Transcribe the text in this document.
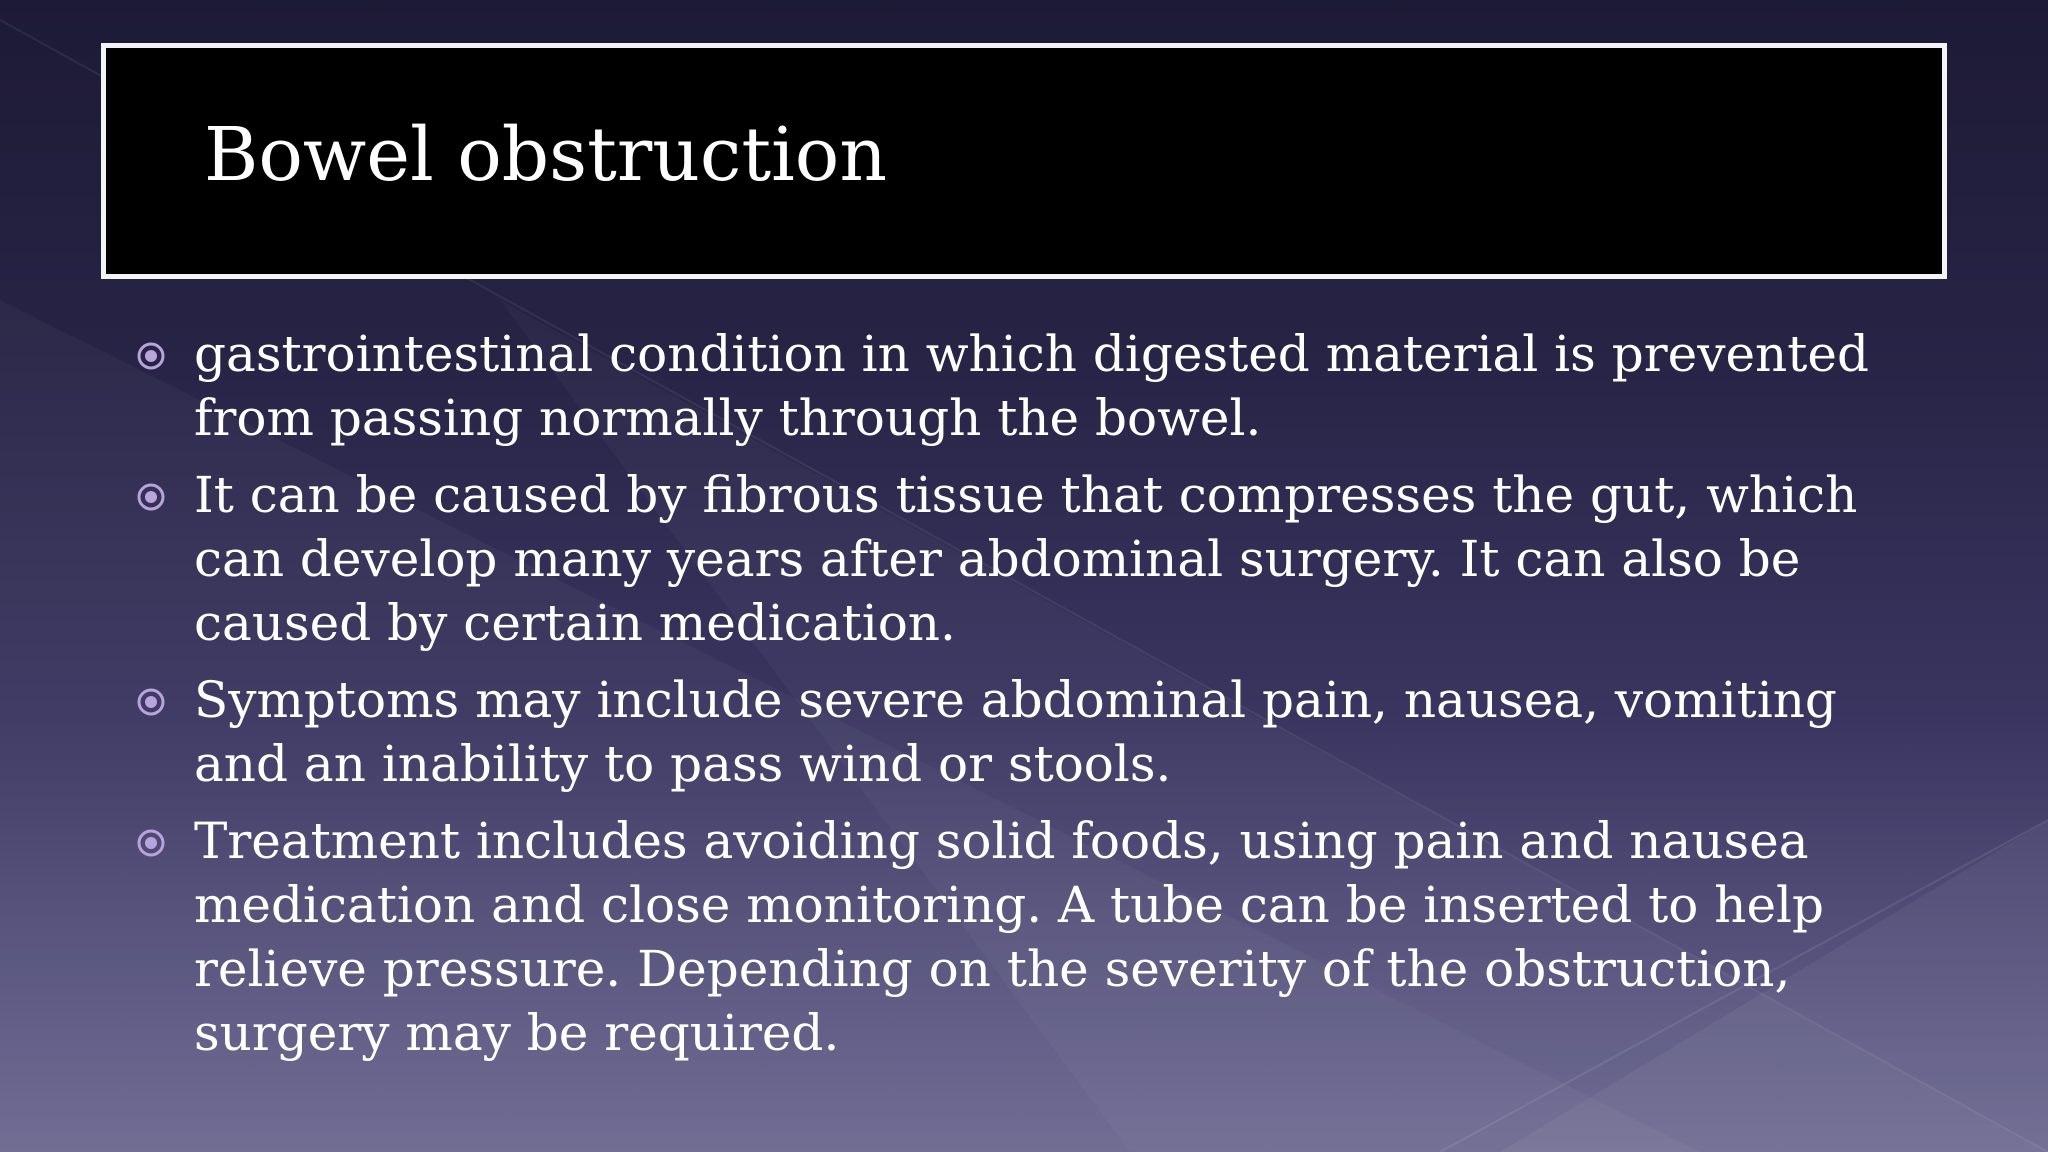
Bowel obstruction
gastrointestinal condition in which digested material is prevented from passing normally through the bowel.
It can be caused by fibrous tissue that compresses the gut, which can develop many years after abdominal surgery. It can also be caused by certain medication.
Symptoms may include severe abdominal pain, nausea, vomiting and an inability to pass wind or stools.
Treatment includes avoiding solid foods, using pain and nausea medication and close monitoring. A tube can be inserted to help relieve pressure. Depending on the severity of the obstruction, surgery may be required.
